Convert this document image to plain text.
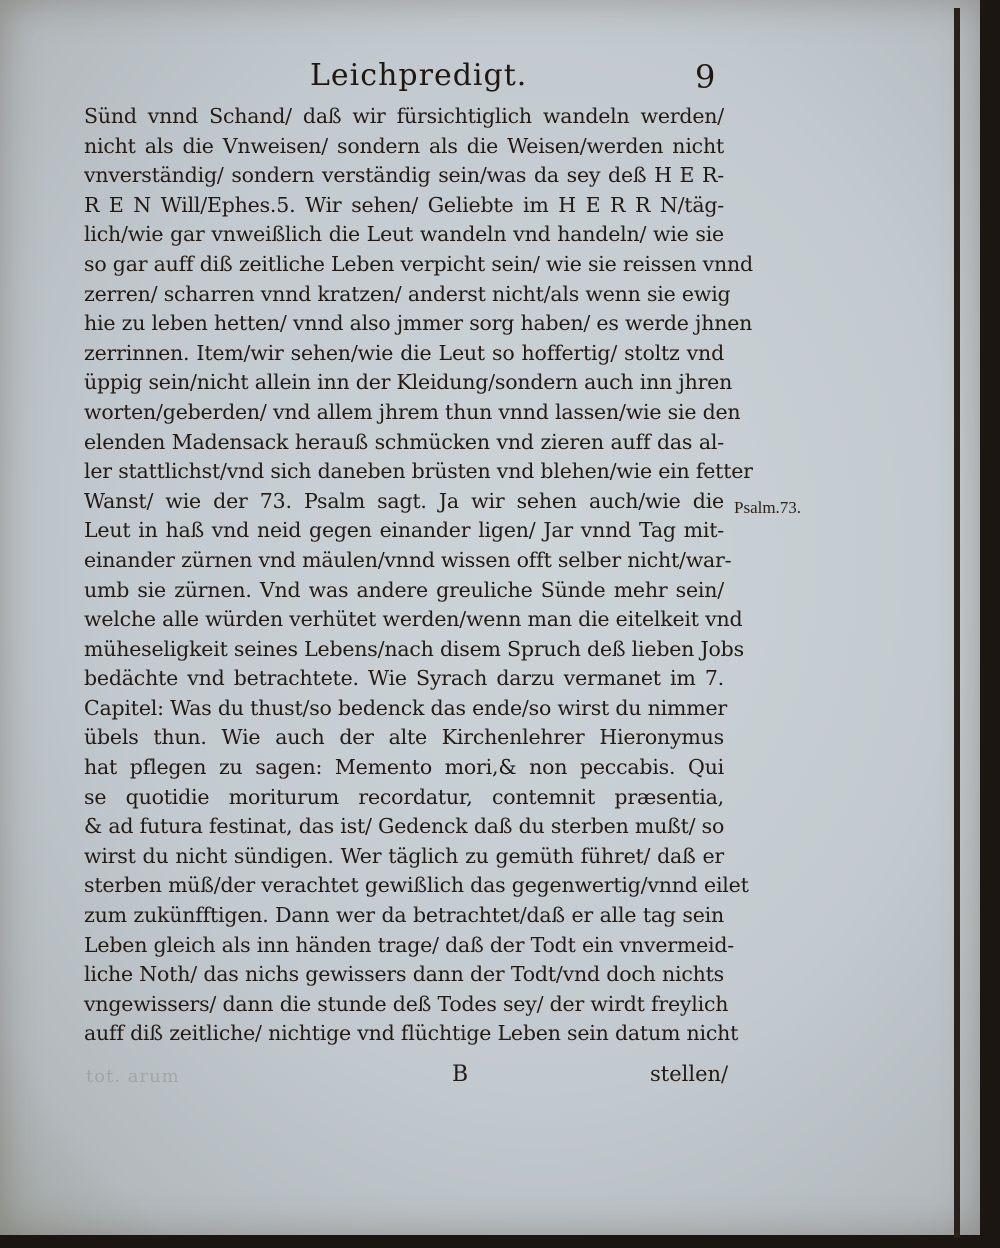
Leichpredigt.	9
Sünd vnnd Schand/ daß wir fürsichtiglich wandeln werden/
nicht als die Vnweisen/ sondern als die Weisen/werden nicht
vnverständig/ sondern verständig sein/was da sey deß H E R-
R E N Will/Ephes.5. Wir sehen/ Geliebte im H E R R N/täg-
lich/wie gar vnweißlich die Leut wandeln vnd handeln/ wie sie
so gar auff diß zeitliche Leben verpicht sein/ wie sie reissen vnnd
zerren/ scharren vnnd kratzen/ anderst nicht/als wenn sie ewig
hie zu leben hetten/ vnnd also jmmer sorg haben/ es werde jhnen
zerrinnen. Item/wir sehen/wie die Leut so hoffertig/ stoltz vnd
üppig sein/nicht allein inn der Kleidung/sondern auch inn jhren
worten/geberden/ vnd allem jhrem thun vnnd lassen/wie sie den
elenden Madensack herauß schmücken vnd zieren auff das al-
ler stattlichst/vnd sich daneben brüsten vnd blehen/wie ein fetter
Wanst/ wie der 73. Psalm sagt. Ja wir sehen auch/wie die
Leut in haß vnd neid gegen einander ligen/ Jar vnnd Tag mit-
einander zürnen vnd mäulen/vnnd wissen offt selber nicht/war-
umb sie zürnen. Vnd was andere greuliche Sünde mehr sein/
welche alle würden verhütet werden/wenn man die eitelkeit vnd
müheseligkeit seines Lebens/nach disem Spruch deß lieben Jobs
bedächte vnd betrachtete. Wie Syrach darzu vermanet im 7.
Capitel: Was du thust/so bedenck das ende/so wirst du nimmer
übels thun. Wie auch der alte Kirchenlehrer Hieronymus
hat pflegen zu sagen: Memento mori,& non peccabis. Qui
se quotidie moriturum recordatur, contemnit præsentia,
& ad futura festinat, das ist/ Gedenck daß du sterben mußt/ so
wirst du nicht sündigen. Wer täglich zu gemüth führet/ daß er
sterben müß/der verachtet gewißlich das gegenwertig/vnnd eilet
zum zukünfftigen. Dann wer da betrachtet/daß er alle tag sein
Leben gleich als inn händen trage/ daß der Todt ein vnvermeid-
liche Noth/ das nichs gewissers dann der Todt/vnd doch nichts
vngewissers/ dann die stunde deß Todes sey/ der wirdt freylich
auff diß zeitliche/ nichtige vnd flüchtige Leben sein datum nicht
Psalm.73.
tot. arum	B	stellen/
